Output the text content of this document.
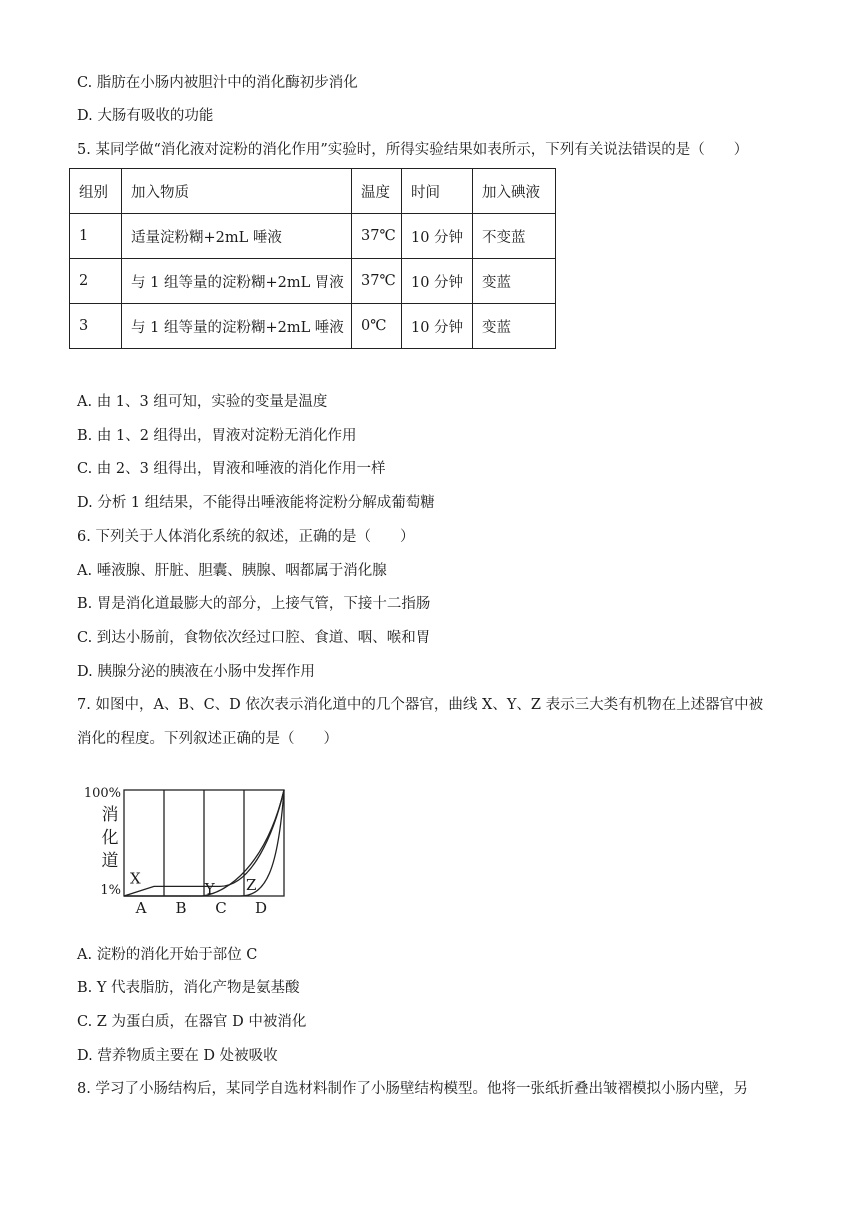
C. 脂肪在小肠内被胆汁中的消化酶初步消化
D. 大肠有吸收的功能
5. 某同学做“消化液对淀粉的消化作用”实验时，所得实验结果如表所示，下列有关说法错误的是（　　）
组别	加入物质	温度	时间	加入碘液
1	适量淀粉糊+2mL 唾液	37℃	10 分钟	不变蓝
2	与 1 组等量的淀粉糊+2mL 胃液	37℃	10 分钟	变蓝
3	与 1 组等量的淀粉糊+2mL 唾液	0℃	10 分钟	变蓝
A. 由 1、3 组可知，实验的变量是温度
B. 由 1、2 组得出，胃液对淀粉无消化作用
C. 由 2、3 组得出，胃液和唾液的消化作用一样
D. 分析 1 组结果，不能得出唾液能将淀粉分解成葡萄糖
6. 下列关于人体消化系统的叙述，正确的是（　　）
A. 唾液腺、肝脏、胆囊、胰腺、咽都属于消化腺
B. 胃是消化道最膨大的部分，上接气管，下接十二指肠
C. 到达小肠前，食物依次经过口腔、食道、咽、喉和胃
D. 胰腺分泌的胰液在小肠中发挥作用
7. 如图中，A、B、C、D 依次表示消化道中的几个器官，曲线 X、Y、Z 表示三大类有机物在上述器官中被
消化的程度。下列叙述正确的是（　　）
100%
1%
消
化
道
A B C D
X
Y Z
A. 淀粉的消化开始于部位 C
B. Y 代表脂肪，消化产物是氨基酸
C. Z 为蛋白质，在器官 D 中被消化
D. 营养物质主要在 D 处被吸收
8. 学习了小肠结构后，某同学自选材料制作了小肠壁结构模型。他将一张纸折叠出皱褶模拟小肠内壁，另
